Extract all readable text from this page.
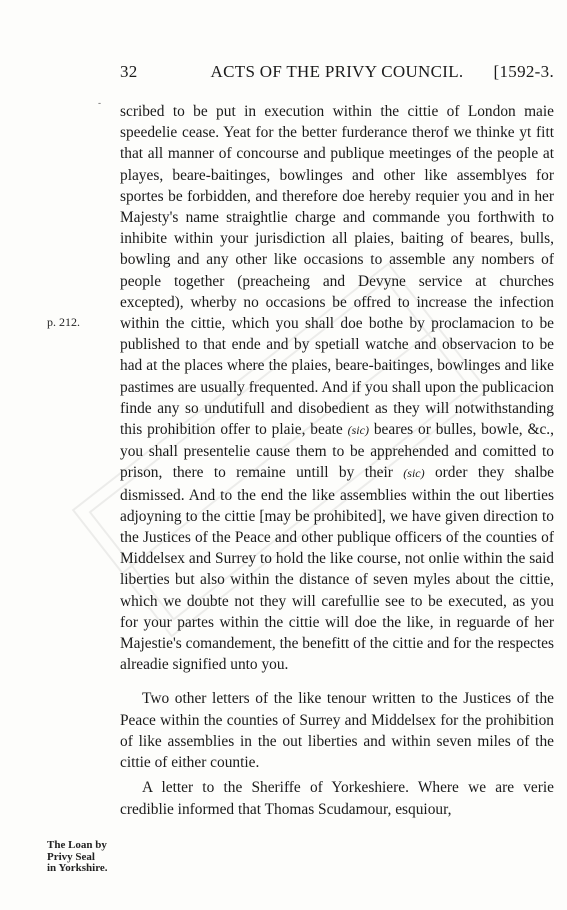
32	ACTS OF THE PRIVY COUNCIL.	[1592-3.
-
p. 212.
The Loan by
Privy Seal
in Yorkshire.

scribed to be put in execution within the cittie of London maie speedelie cease. Yeat for the better furderance therof we thinke yt fitt that all manner of concourse and publique meetinges of the people at playes, beare-baitinges, bowlinges and other like assemblyes for sportes be forbidden, and therefore doe hereby requier you and in her Majesty's name straightlie charge and commande you forthwith to inhibite within your jurisdiction all plaies, baiting of beares, bulls, bowling and any other like occasions to assemble any nombers of people together (preacheing and Devyne service at churches excepted), wherby no occasions be offred to increase the infection within the cittie, which you shall doe bothe by proclamacion to be published to that ende and by spetiall watche and observacion to be had at the places where the plaies, beare-baitinges, bowlinges and like pastimes are usually frequented. And if you shall upon the publicacion finde any so undutifull and disobedient as they will notwithstanding this prohibition offer to plaie, beate (sic) beares or bulles, bowle, &c., you shall presentelie cause them to be apprehended and comitted to prison, there to remaine untill by their (sic) order they shalbe dismissed. And to the end the like assemblies within the out liberties adjoyning to the cittie [may be prohibited], we have given direction to the Justices of the Peace and other publique officers of the counties of Middelsex and Surrey to hold the like course, not onlie within the said liberties but also within the distance of seven myles about the cittie, which we doubte not they will carefullie see to be executed, as you for your partes within the cittie will doe the like, in reguarde of her Majestie's comandement, the benefitt of the cittie and for the respectes alreadie signified unto you.

Two other letters of the like tenour written to the Justices of the Peace within the counties of Surrey and Middelsex for the prohibition of like assemblies in the out liberties and within seven miles of the cittie of either countie.

A letter to the Sheriffe of Yorkeshiere. Where we are verie crediblie informed that Thomas Scudamour, esquiour,
